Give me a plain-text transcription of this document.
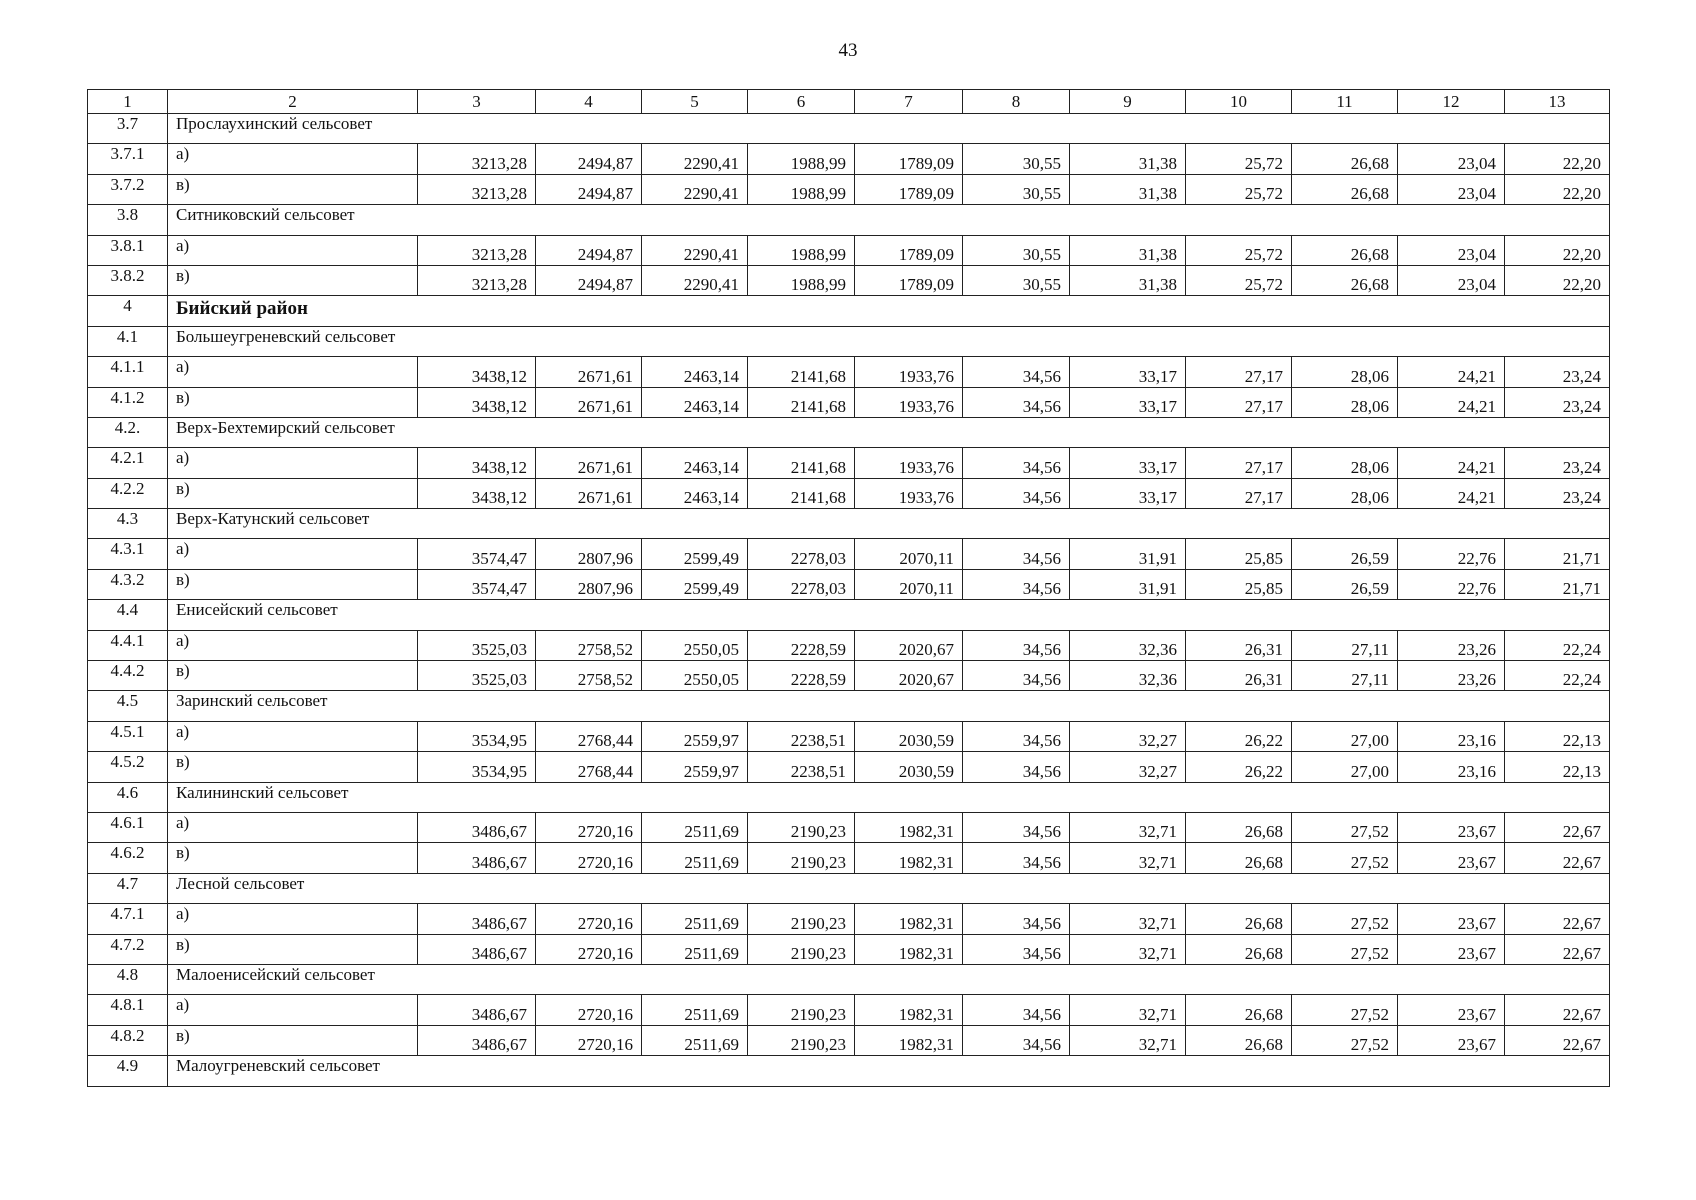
43
1	2	3	4	5	6	7	8	9	10	11	12	13
3.7	Прослаухинский сельсовет											
3.7.1	а)	3213,28	2494,87	2290,41	1988,99	1789,09	30,55	31,38	25,72	26,68	23,04	22,20
3.7.2	в)	3213,28	2494,87	2290,41	1988,99	1789,09	30,55	31,38	25,72	26,68	23,04	22,20
3.8	Ситниковский сельсовет											
3.8.1	а)	3213,28	2494,87	2290,41	1988,99	1789,09	30,55	31,38	25,72	26,68	23,04	22,20
3.8.2	в)	3213,28	2494,87	2290,41	1988,99	1789,09	30,55	31,38	25,72	26,68	23,04	22,20
4	Бийский район											
4.1	Большеугреневский сельсовет											
4.1.1	а)	3438,12	2671,61	2463,14	2141,68	1933,76	34,56	33,17	27,17	28,06	24,21	23,24
4.1.2	в)	3438,12	2671,61	2463,14	2141,68	1933,76	34,56	33,17	27,17	28,06	24,21	23,24
4.2.	Верх-Бехтемирский сельсовет											
4.2.1	а)	3438,12	2671,61	2463,14	2141,68	1933,76	34,56	33,17	27,17	28,06	24,21	23,24
4.2.2	в)	3438,12	2671,61	2463,14	2141,68	1933,76	34,56	33,17	27,17	28,06	24,21	23,24
4.3	Верх-Катунский сельсовет											
4.3.1	а)	3574,47	2807,96	2599,49	2278,03	2070,11	34,56	31,91	25,85	26,59	22,76	21,71
4.3.2	в)	3574,47	2807,96	2599,49	2278,03	2070,11	34,56	31,91	25,85	26,59	22,76	21,71
4.4	Енисейский сельсовет											
4.4.1	а)	3525,03	2758,52	2550,05	2228,59	2020,67	34,56	32,36	26,31	27,11	23,26	22,24
4.4.2	в)	3525,03	2758,52	2550,05	2228,59	2020,67	34,56	32,36	26,31	27,11	23,26	22,24
4.5	Заринский сельсовет											
4.5.1	а)	3534,95	2768,44	2559,97	2238,51	2030,59	34,56	32,27	26,22	27,00	23,16	22,13
4.5.2	в)	3534,95	2768,44	2559,97	2238,51	2030,59	34,56	32,27	26,22	27,00	23,16	22,13
4.6	Калининский сельсовет											
4.6.1	а)	3486,67	2720,16	2511,69	2190,23	1982,31	34,56	32,71	26,68	27,52	23,67	22,67
4.6.2	в)	3486,67	2720,16	2511,69	2190,23	1982,31	34,56	32,71	26,68	27,52	23,67	22,67
4.7	Лесной сельсовет											
4.7.1	а)	3486,67	2720,16	2511,69	2190,23	1982,31	34,56	32,71	26,68	27,52	23,67	22,67
4.7.2	в)	3486,67	2720,16	2511,69	2190,23	1982,31	34,56	32,71	26,68	27,52	23,67	22,67
4.8	Малоенисейский сельсовет											
4.8.1	а)	3486,67	2720,16	2511,69	2190,23	1982,31	34,56	32,71	26,68	27,52	23,67	22,67
4.8.2	в)	3486,67	2720,16	2511,69	2190,23	1982,31	34,56	32,71	26,68	27,52	23,67	22,67
4.9	Малоугреневский сельсовет											
